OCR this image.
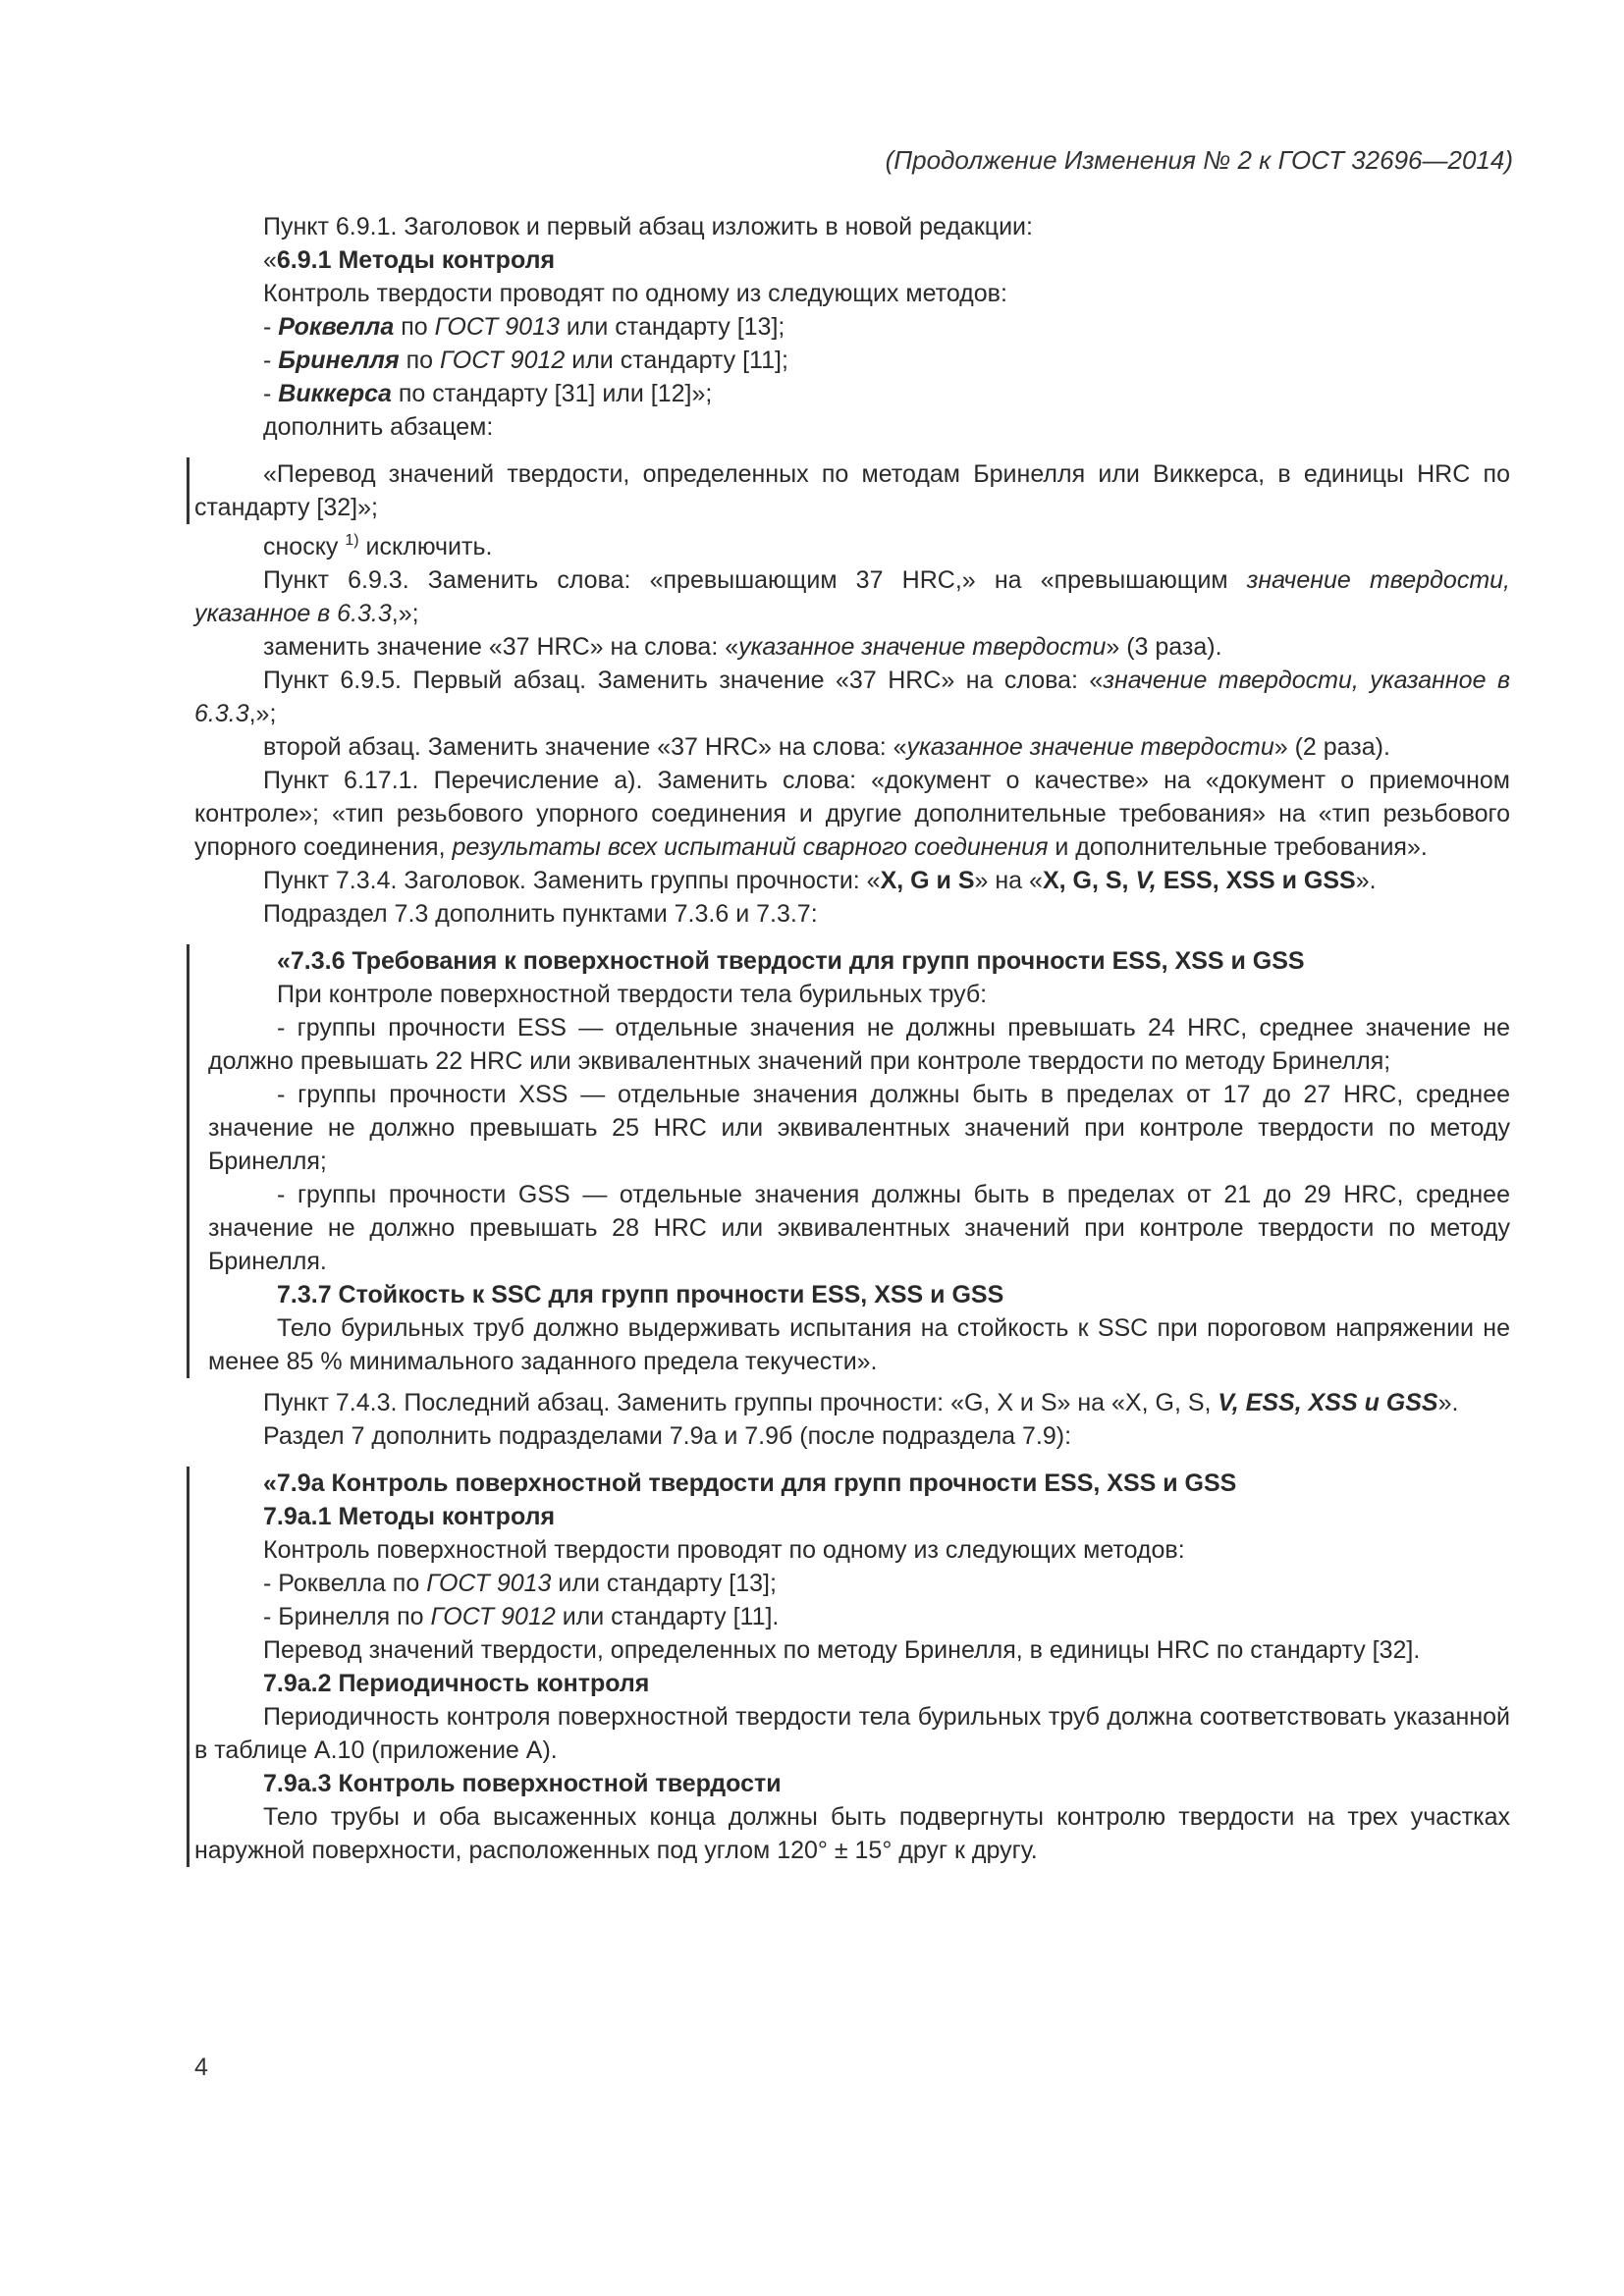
(Продолжение Изменения № 2 к ГОСТ 32696—2014)

Пункт 6.9.1. Заголовок и первый абзац изложить в новой редакции:

«6.9.1 Методы контроля

Контроль твердости проводят по одному из следующих методов:

- Роквелла по ГОСТ 9013 или стандарту [13];

- Бринелля по ГОСТ 9012 или стандарту [11];

- Виккерса по стандарту [31] или [12]»;

дополнить абзацем:

«Перевод значений твердости, определенных по методам Бринелля или Виккерса, в единицы HRC по стандарту [32]»;

сноску $^{1)}$ исключить.

Пункт 6.9.3. Заменить слова: «превышающим 37 HRC,» на «превышающим значение твердости, указанное в 6.3.3,»;

заменить значение «37 HRC» на слова: «указанное значение твердости» (3 раза).

Пункт 6.9.5. Первый абзац. Заменить значение «37 HRC» на слова: «значение твердости, указанное в 6.3.3,»;

второй абзац. Заменить значение «37 HRC» на слова: «указанное значение твердости» (2 раза).

Пункт 6.17.1. Перечисление а). Заменить слова: «документ о качестве» на «документ о приемочном контроле»; «тип резьбового упорного соединения и другие дополнительные требования» на «тип резьбового упорного соединения, результаты всех испытаний сварного соединения и дополнительные требования».

Пункт 7.3.4. Заголовок. Заменить группы прочности: «X, G и S» на «X, G, S, V, ESS, XSS и GSS».

Подраздел 7.3 дополнить пунктами 7.3.6 и 7.3.7:

«7.3.6 Требования к поверхностной твердости для групп прочности ESS, XSS и GSS

При контроле поверхностной твердости тела бурильных труб:

- группы прочности ESS — отдельные значения не должны превышать 24 HRC, среднее значение не должно превышать 22 HRC или эквивалентных значений при контроле твердости по методу Бринелля;

- группы прочности XSS — отдельные значения должны быть в пределах от 17 до 27 HRC, среднее значение не должно превышать 25 HRC или эквивалентных значений при контроле твердости по методу Бринелля;

- группы прочности GSS — отдельные значения должны быть в пределах от 21 до 29 HRC, среднее значение не должно превышать 28 HRC или эквивалентных значений при контроле твердости по методу Бринелля.

7.3.7 Стойкость к SSC для групп прочности ESS, XSS и GSS

Тело бурильных труб должно выдерживать испытания на стойкость к SSC при пороговом напряжении не менее 85 % минимального заданного предела текучести».

Пункт 7.4.3. Последний абзац. Заменить группы прочности: «G, X и S» на «X, G, S, V, ESS, XSS и GSS».

Раздел 7 дополнить подразделами 7.9а и 7.9б (после подраздела 7.9):

«7.9а Контроль поверхностной твердости для групп прочности ESS, XSS и GSS

7.9а.1 Методы контроля

Контроль поверхностной твердости проводят по одному из следующих методов:

- Роквелла по ГОСТ 9013 или стандарту [13];

- Бринелля по ГОСТ 9012 или стандарту [11].

Перевод значений твердости, определенных по методу Бринелля, в единицы HRC по стандарту [32].

7.9а.2 Периодичность контроля

Периодичность контроля поверхностной твердости тела бурильных труб должна соответствовать указанной в таблице А.10 (приложение А).

7.9а.3 Контроль поверхностной твердости

Тело трубы и оба высаженных конца должны быть подвергнуты контролю твердости на трех участках наружной поверхности, расположенных под углом 120° ± 15° друг к другу.

4
